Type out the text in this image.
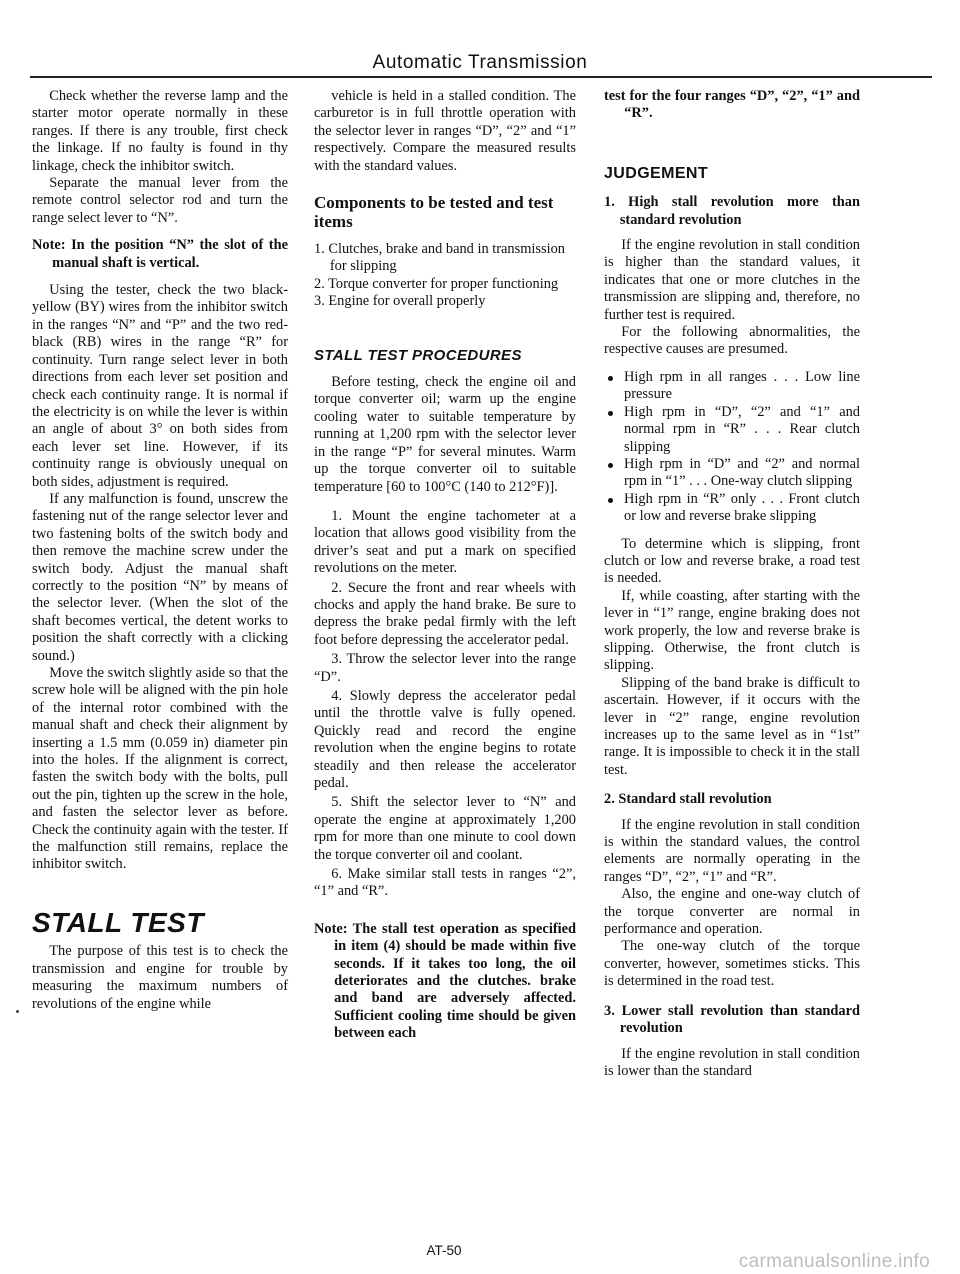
Automatic Transmission

Check whether the reverse lamp and the starter motor operate normally in these ranges. If there is any trouble, first check the linkage. If no faulty is found in thy linkage, check the inhibitor switch.

Separate the manual lever from the remote control selector rod and turn the range select lever to “N”.

Note: In the position “N” the slot of the manual shaft is vertical.

Using the tester, check the two black-yellow (BY) wires from the inhibitor switch in the ranges “N” and “P” and the two red-black (RB) wires in the range “R” for continuity. Turn range select lever in both directions from each lever set position and check each continuity range. It is normal if the electricity is on while the lever is within an angle of about 3° on both sides from each lever set line. However, if its continuity range is obviously unequal on both sides, adjustment is required.

If any malfunction is found, unscrew the fastening nut of the range selector lever and two fastening bolts of the switch body and then remove the machine screw under the switch body. Adjust the manual shaft correctly to the position “N” by means of the selector lever. (When the slot of the shaft becomes vertical, the detent works to position the shaft correctly with a clicking sound.)

Move the switch slightly aside so that the screw hole will be aligned with the pin hole of the internal rotor combined with the manual shaft and check their alignment by inserting a 1.5 mm (0.059 in) diameter pin into the holes. If the alignment is correct, fasten the switch body with the bolts, pull out the pin, tighten up the screw in the hole, and fasten the selector lever as before. Check the continuity again with the tester. If the malfunction still remains, replace the inhibitor switch.

STALL TEST

The purpose of this test is to check the transmission and engine for trouble by measuring the maximum numbers of revolutions of the engine while

vehicle is held in a stalled condition. The carburetor is in full throttle operation with the selector lever in ranges “D”, “2” and “1” respectively. Compare the measured results with the standard values.

Components to be tested and test items
1. Clutches, brake and band in transmission for slipping
2. Torque converter for proper functioning
3. Engine for overall properly
STALL TEST PROCEDURES

Before testing, check the engine oil and torque converter oil; warm up the engine cooling water to suitable temperature by running at 1,200 rpm with the selector lever in the range “P” for several minutes. Warm up the torque converter oil to suitable temperature [60 to 100°C (140 to 212°F)].

1. Mount the engine tachometer at a location that allows good visibility from the driver’s seat and put a mark on specified revolutions on the meter.

2. Secure the front and rear wheels with chocks and apply the hand brake. Be sure to depress the brake pedal firmly with the left foot before depressing the accelerator pedal.

3. Throw the selector lever into the range “D”.

4. Slowly depress the accelerator pedal until the throttle valve is fully opened. Quickly read and record the engine revolution when the engine begins to rotate steadily and then release the accelerator pedal.

5. Shift the selector lever to “N” and operate the engine at approximately 1,200 rpm for more than one minute to cool down the torque converter oil and coolant.

6. Make similar stall tests in ranges “2”, “1” and “R”.

Note: The stall test operation as specified in item (4) should be made within five seconds. If it takes too long, the oil deteriorates and the clutches. brake and band are adversely affected. Sufficient cooling time should be given between each

test for the four ranges “D”, “2”, “1” and “R”.

JUDGEMENT

1. High stall revolution more than standard revolution

If the engine revolution in stall condition is higher than the standard values, it indicates that one or more clutches in the transmission are slipping and, therefore, no further test is required.

For the following abnormalities, the respective causes are presumed.

High rpm in all ranges . . . Low line pressure
High rpm in “D”, “2” and “1” and normal rpm in “R” . . . Rear clutch slipping
High rpm in “D” and “2” and normal rpm in “1” . . . One-way clutch slipping
High rpm in “R” only . . . Front clutch or low and reverse brake slipping

To determine which is slipping, front clutch or low and reverse brake, a road test is needed.

If, while coasting, after starting with the lever in “1” range, engine braking does not work properly, the low and reverse brake is slipping. Otherwise, the front clutch is slipping.

Slipping of the band brake is difficult to ascertain. However, if it occurs with the lever in “2” range, engine revolution increases up to the same level as in “1st” range. It is impossible to check it in the stall test.

2. Standard stall revolution

If the engine revolution in stall condition is within the standard values, the control elements are normally operating in the ranges “D”, “2”, “1” and “R”.

Also, the engine and one-way clutch of the torque converter are normal in performance and operation.

The one-way clutch of the torque converter, however, sometimes sticks. This is determined in the road test.

3. Lower stall revolution than standard revolution

If the engine revolution in stall condition is lower than the standard

AT-50
carmanualsonline.info
